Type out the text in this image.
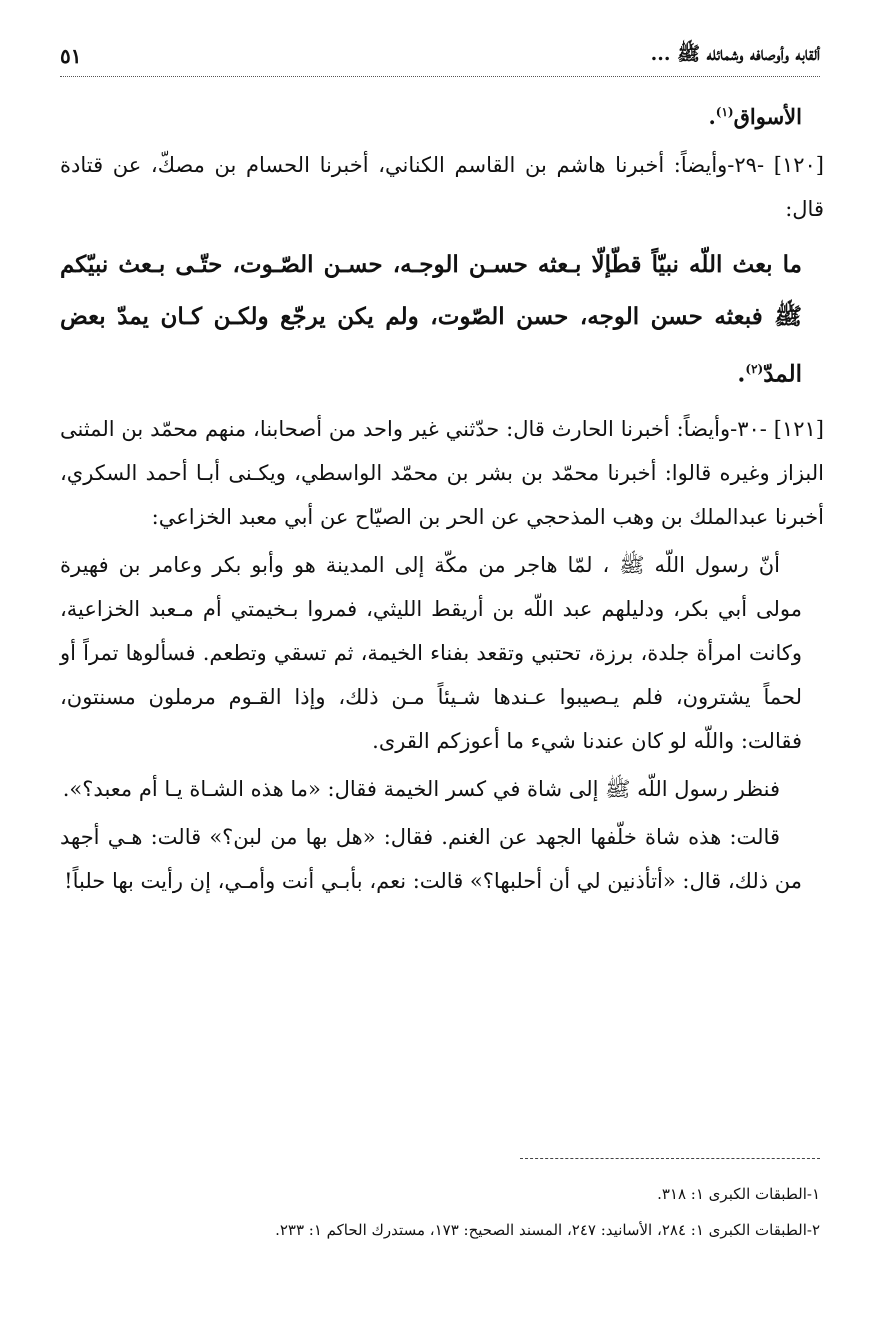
ألقابه وأوصافه وشمائله ﷺ ...
٥١

الأسواق$^{(١)}$.

[١٢٠] -٢٩-وأيضاً: أخبرنا هاشم بن القاسم الكناني، أخبرنا الحسام بن مصكّ، عن قتادة قال:

ما بعث اللّه نبيّاً قطّإلّا بـعثه حسـن الوجـه، حسـن الصّـوت، حتّـى بـعث نبيّكم ﷺ فبعثه حسن الوجه، حسن الصّوت، ولم يكن يرجّع ولكـن كـان يمدّ بعض المدّ$^{(٢)}$.

[١٢١] -٣٠-وأيضاً: أخبرنا الحارث قال: حدّثني غير واحد من أصحابنا، منهم محمّد بن المثنى البزاز وغيره قالوا: أخبرنا محمّد بن بشر بن محمّد الواسطي، ويكـنى أبـا أحمد السكري، أخبرنا عبدالملك بن وهب المذحجي عن الحر بن الصيّاح عن أبي معبد الخزاعي:

أنّ رسول اللّه ﷺ ، لمّا هاجر من مكّة إلى المدينة هو وأبو بكر وعامر بن فهيرة مولى أبي بكر، ودليلهم عبد اللّه بن أريقط الليثي، فمروا بـخيمتي أم مـعبد الخزاعية، وكانت امرأة جلدة، برزة، تحتبي وتقعد بفناء الخيمة، ثم تسقي وتطعم. فسألوها تمراً أو لحماً يشترون، فلم يـصيبوا عـندها شـيئاً مـن ذلك، وإذا القـوم مرملون مسنتون، فقالت: واللّه لو كان عندنا شيء ما أعوزكم القرى.

فنظر رسول اللّه ﷺ إلى شاة في كسر الخيمة فقال: «ما هذه الشـاة يـا أم معبد؟».

قالت: هذه شاة خلّفها الجهد عن الغنم. فقال: «هل بها من لبن؟» قالت: هـي أجهد من ذلك، قال: «أتأذنين لي أن أحلبها؟» قالت: نعم، بأبـي أنت وأمـي، إن رأيت بها حلباً!

١-الطبقات الكبرى ١: ٣١٨.

٢-الطبقات الكبرى ١: ٢٨٤، الأسانيد: ٢٤٧، المسند الصحيح: ١٧٣، مستدرك الحاكم ١: ٢٣٣.
